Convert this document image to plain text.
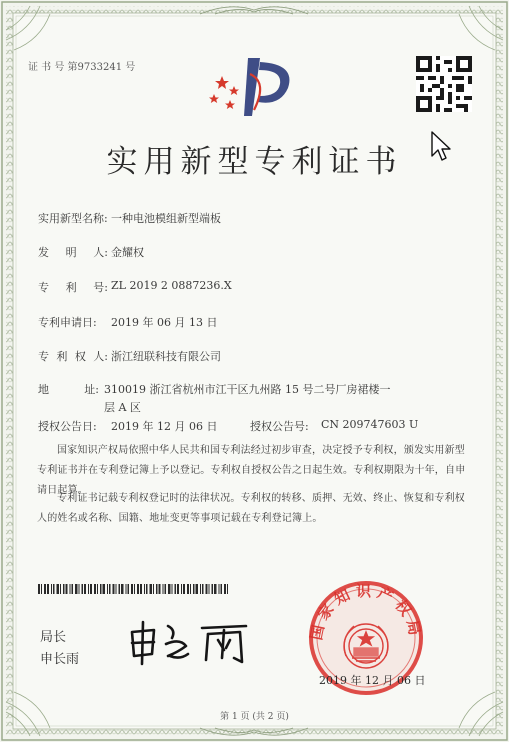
证 书 号 第9733241 号
实用新型专利证书
实用新型名称: 一种电池模组新型端板
发 明 人: 金耀权
专 利 号: ZL 2019 2 0887236.X
专利申请日: 2019 年 06 月 13 日
专 利 权 人: 浙江纽联科技有限公司
地	址: 310019 浙江省杭州市江干区九州路 15 号二号厂房裙楼一
层 A 区
授权公告日: 2019 年 12 月 06 日	授权公告号: CN 209747603 U
国家知识产权局依照中华人民共和国专利法经过初步审查，决定授予专利权，颁发实用新型专利证书并在专利登记簿上予以登记。专利权自授权公告之日起生效。专利权期限为十年，自申请日起算。
专利证书记载专利权登记时的法律状况。专利权的转移、质押、无效、终止、恢复和专利权人的姓名或名称、国籍、地址变更等事项记载在专利登记簿上。
局长
申长雨
国家知识产权局
2019 年 12 月 06 日
第 1 页 (共 2 页)
